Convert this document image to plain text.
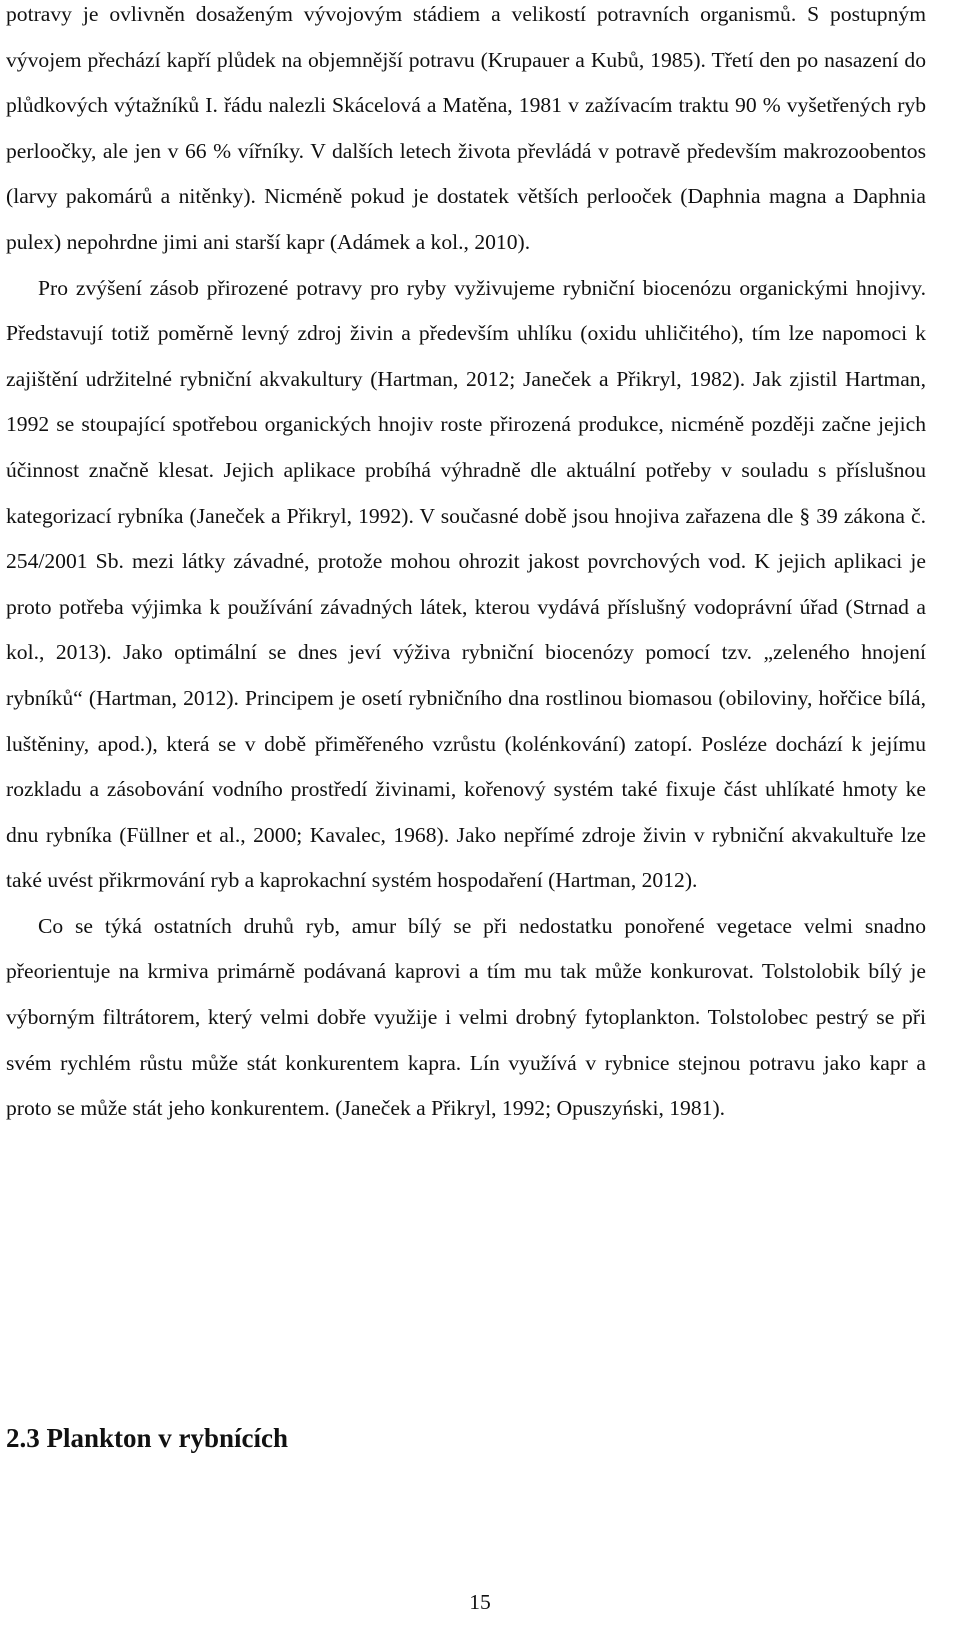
potravy je ovlivněn dosaženým vývojovým stádiem a velikostí potravních organismů. S postupným vývojem přechází kapří plůdek na objemnější potravu (Krupauer a Kubů, 1985). Třetí den po nasazení do plůdkových výtažníků I. řádu nalezli Skácelová a Matěna, 1981 v zažívacím traktu 90 % vyšetřených ryb perloočky, ale jen v 66 % vířníky. V dalších letech života převládá v potravě především makrozoobentos (larvy pakomárů a nitěnky). Nicméně pokud je dostatek větších perlooček (Daphnia magna a Daphnia pulex) nepohrdne jimi ani starší kapr (Adámek a kol., 2010).

Pro zvýšení zásob přirozené potravy pro ryby vyživujeme rybniční biocenózu organickými hnojivy. Představují totiž poměrně levný zdroj živin a především uhlíku (oxidu uhličitého), tím lze napomoci k zajištění udržitelné rybniční akvakultury (Hartman, 2012; Janeček a Přikryl, 1982). Jak zjistil Hartman, 1992 se stoupající spotřebou organických hnojiv roste přirozená produkce, nicméně později začne jejich účinnost značně klesat. Jejich aplikace probíhá výhradně dle aktuální potřeby v souladu s příslušnou kategorizací rybníka (Janeček a Přikryl, 1992). V současné době jsou hnojiva zařazena dle § 39 zákona č. 254/2001 Sb. mezi látky závadné, protože mohou ohrozit jakost povrchových vod. K jejich aplikaci je proto potřeba výjimka k používání závadných látek, kterou vydává příslušný vodoprávní úřad (Strnad a kol., 2013). Jako optimální se dnes jeví výživa rybniční biocenózy pomocí tzv. „zeleného hnojení rybníků“ (Hartman, 2012). Principem je osetí rybničního dna rostlinou biomasou (obiloviny, hořčice bílá, luštěniny, apod.), která se v době přiměřeného vzrůstu (kolénkování) zatopí. Posléze dochází k jejímu rozkladu a zásobování vodního prostředí živinami, kořenový systém také fixuje část uhlíkaté hmoty ke dnu rybníka (Füllner et al., 2000; Kavalec, 1968). Jako nepřímé zdroje živin v rybniční akvakultuře lze také uvést přikrmování ryb a kaprokachní systém hospodaření (Hartman, 2012).

Co se týká ostatních druhů ryb, amur bílý se při nedostatku ponořené vegetace velmi snadno přeorientuje na krmiva primárně podávaná kaprovi a tím mu tak může konkurovat. Tolstolobik bílý je výborným filtrátorem, který velmi dobře využije i velmi drobný fytoplankton. Tolstolobec pestrý se při svém rychlém růstu může stát konkurentem kapra. Lín využívá v rybnice stejnou potravu jako kapr a proto se může stát jeho konkurentem. (Janeček a Přikryl, 1992; Opuszyński, 1981).

2.3 Plankton v rybnících
15
